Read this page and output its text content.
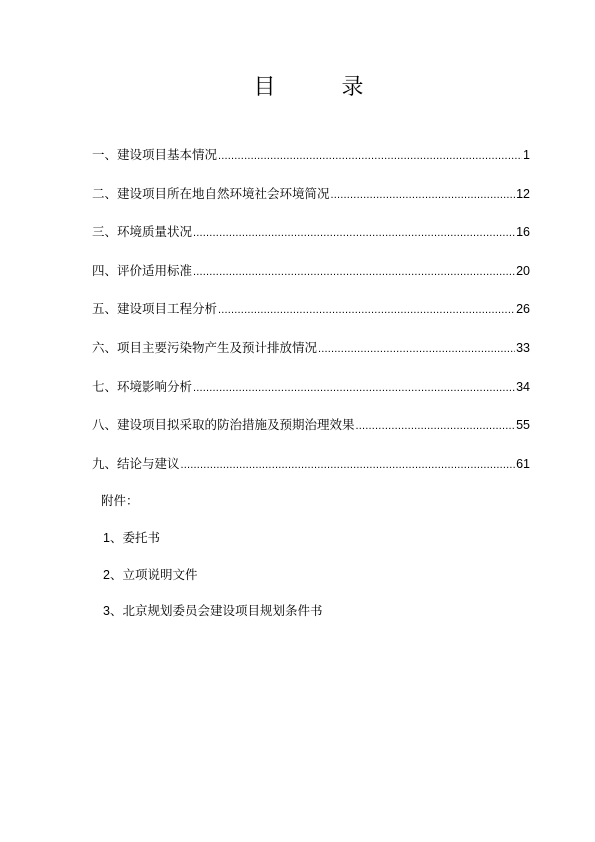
目　录
一、建设项目基本情况 .....	1
二、建设项目所在地自然环境社会环境简况 .....	12
三、环境质量状况 .....	16
四、评价适用标准 .....	20
五、建设项目工程分析 .....	26
六、项目主要污染物产生及预计排放情况 .....	33
七、环境影响分析 .....	34
八、建设项目拟采取的防治措施及预期治理效果 .....	55
九、结论与建议 .....	61
附件：
1、委托书
2、立项说明文件
3、北京规划委员会建设项目规划条件书
